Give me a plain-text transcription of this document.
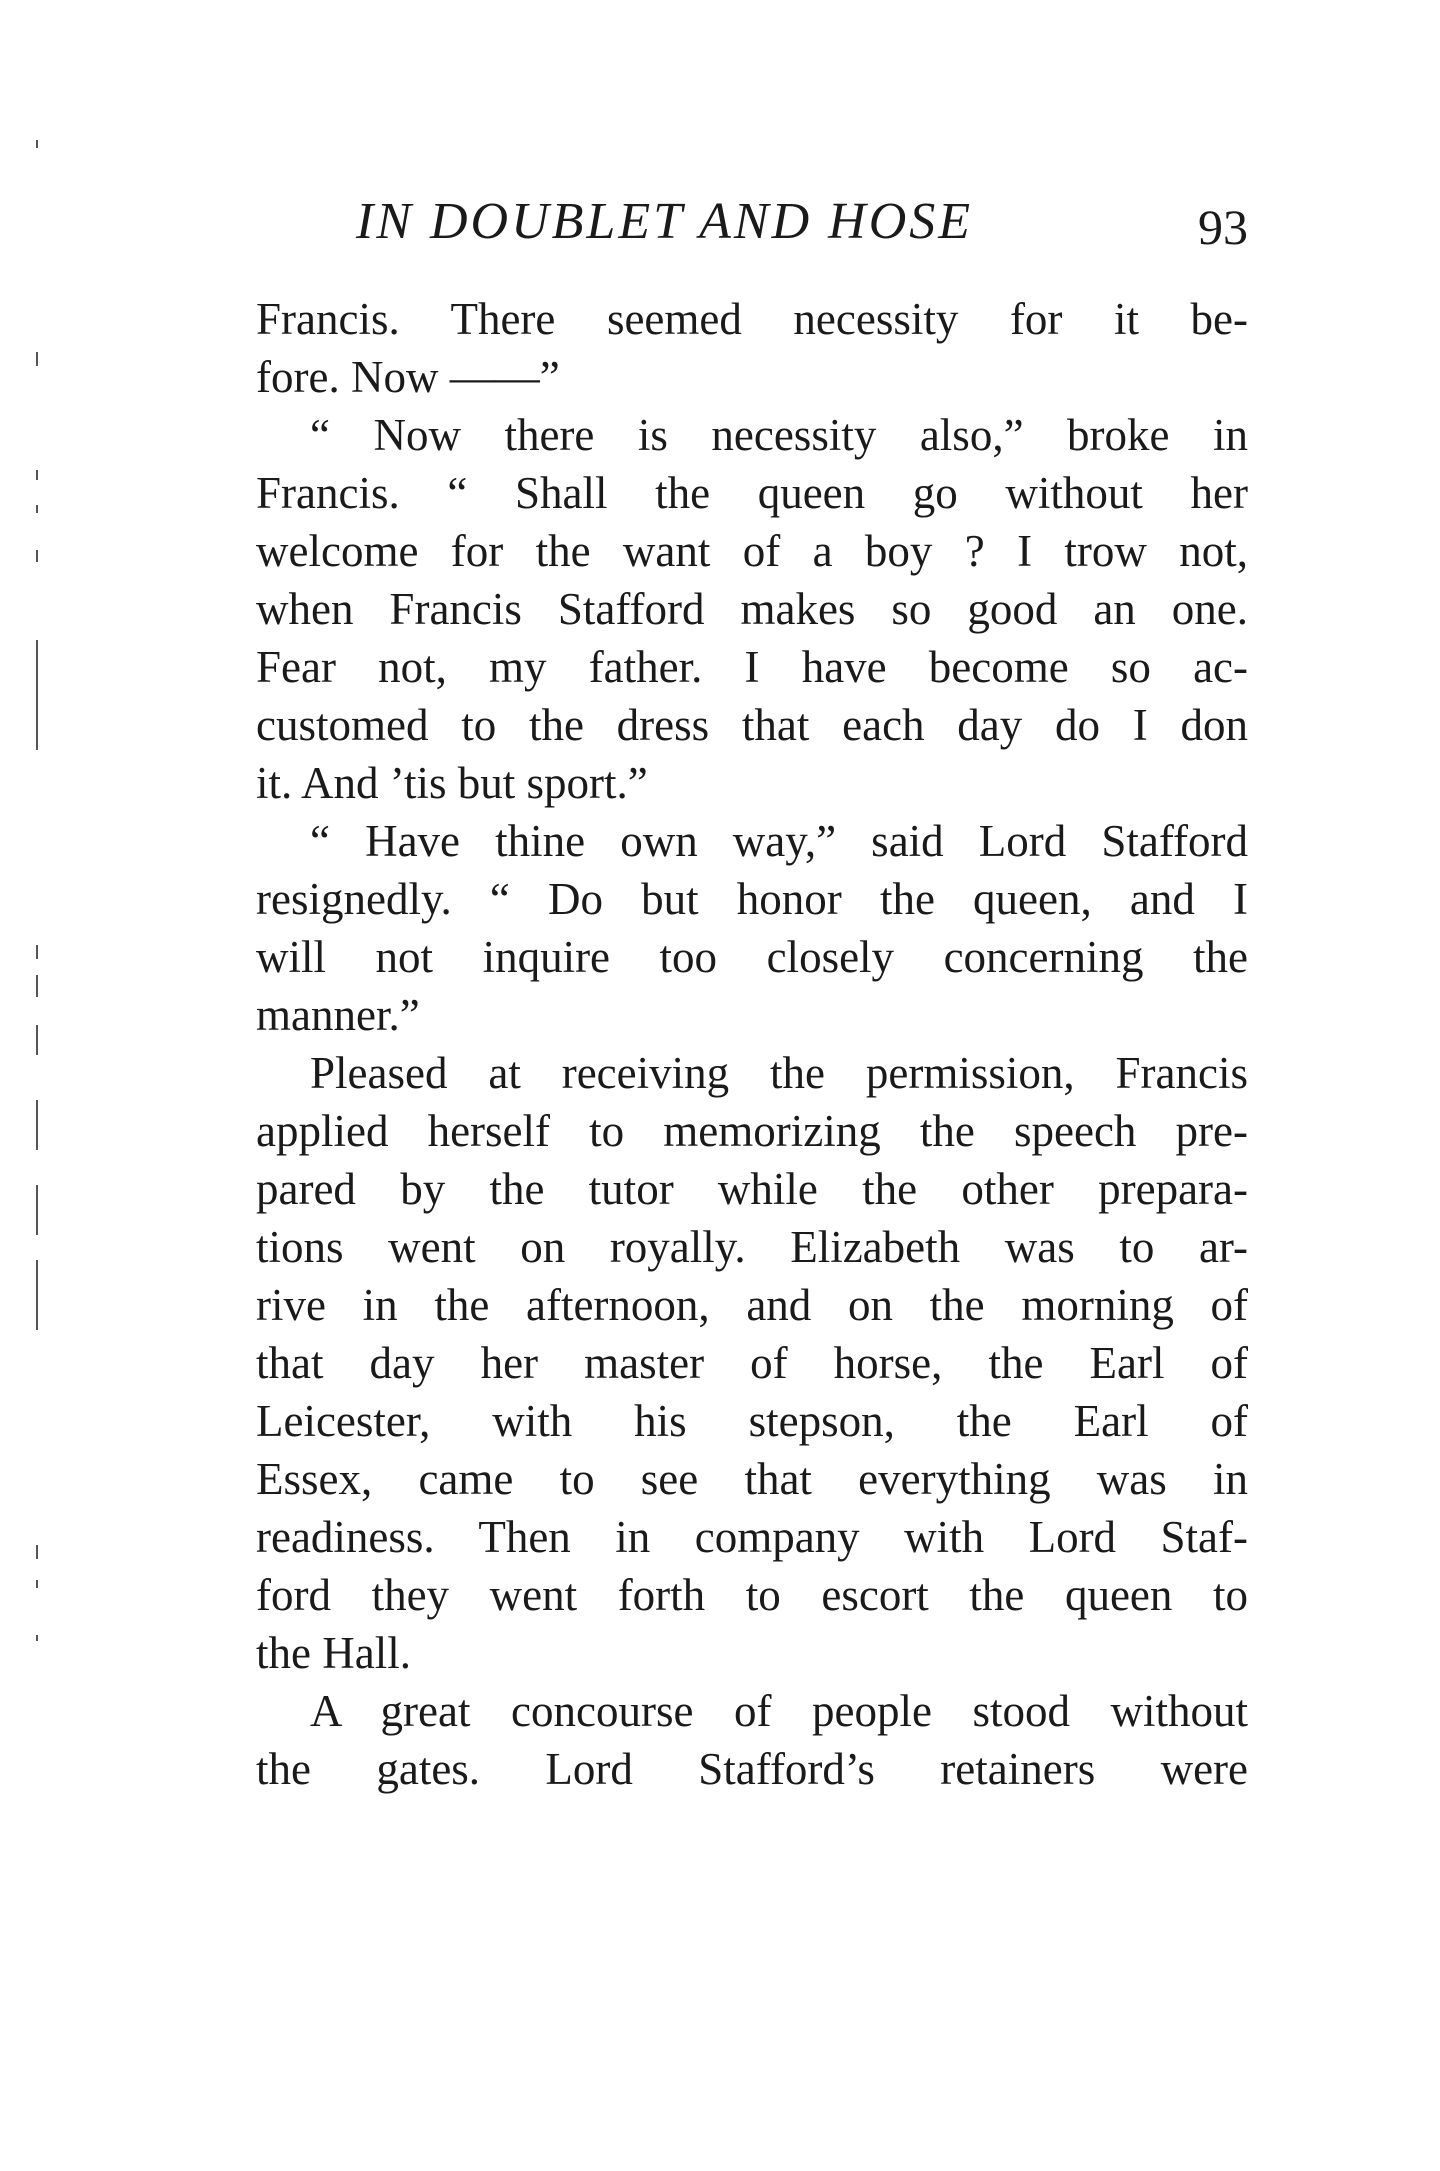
IN DOUBLET AND HOSE	93
Francis. There seemed necessity for it be-
fore. Now ——”
“ Now there is necessity also,” broke in
Francis. “ Shall the queen go without her
welcome for the want of a boy ? I trow not,
when Francis Stafford makes so good an one.
Fear not, my father. I have become so ac-
customed to the dress that each day do I don
it. And ’tis but sport.”
“ Have thine own way,” said Lord Stafford
resignedly. “ Do but honor the queen, and I
will not inquire too closely concerning the
manner.”
Pleased at receiving the permission, Francis
applied herself to memorizing the speech pre-
pared by the tutor while the other prepara-
tions went on royally. Elizabeth was to ar-
rive in the afternoon, and on the morning of
that day her master of horse, the Earl of
Leicester, with his stepson, the Earl of
Essex, came to see that everything was in
readiness. Then in company with Lord Staf-
ford they went forth to escort the queen to
the Hall.
A great concourse of people stood without
the gates. Lord Stafford’s retainers were
